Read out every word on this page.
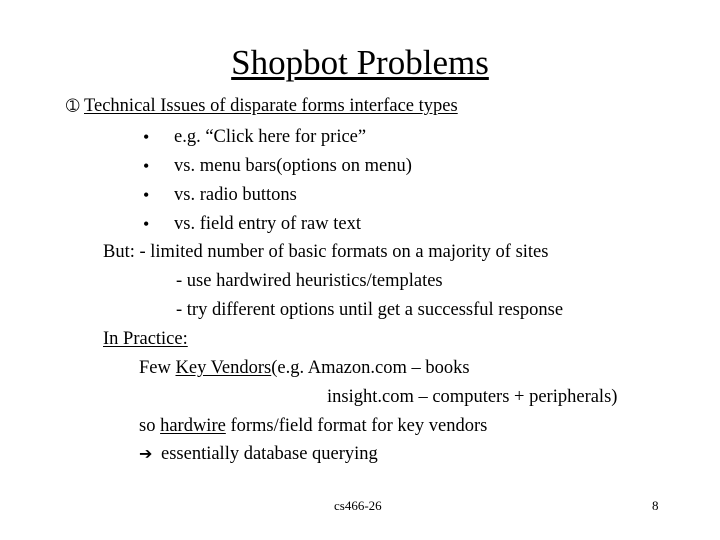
Shopbot Problems
➀ Technical Issues of disparate forms interface types
• e.g. “Click here for price”
• vs. menu bars(options on menu)
• vs. radio buttons
• vs. field entry of raw text
But: - limited number of basic formats on a majority of sites
- use hardwired heuristics/templates
- try different options until get a successful response
In Practice:
Few Key Vendors(e.g. Amazon.com – books
insight.com – computers + peripherals)
so hardwire forms/field format for key vendors
➔ essentially database querying
cs466-26	8
